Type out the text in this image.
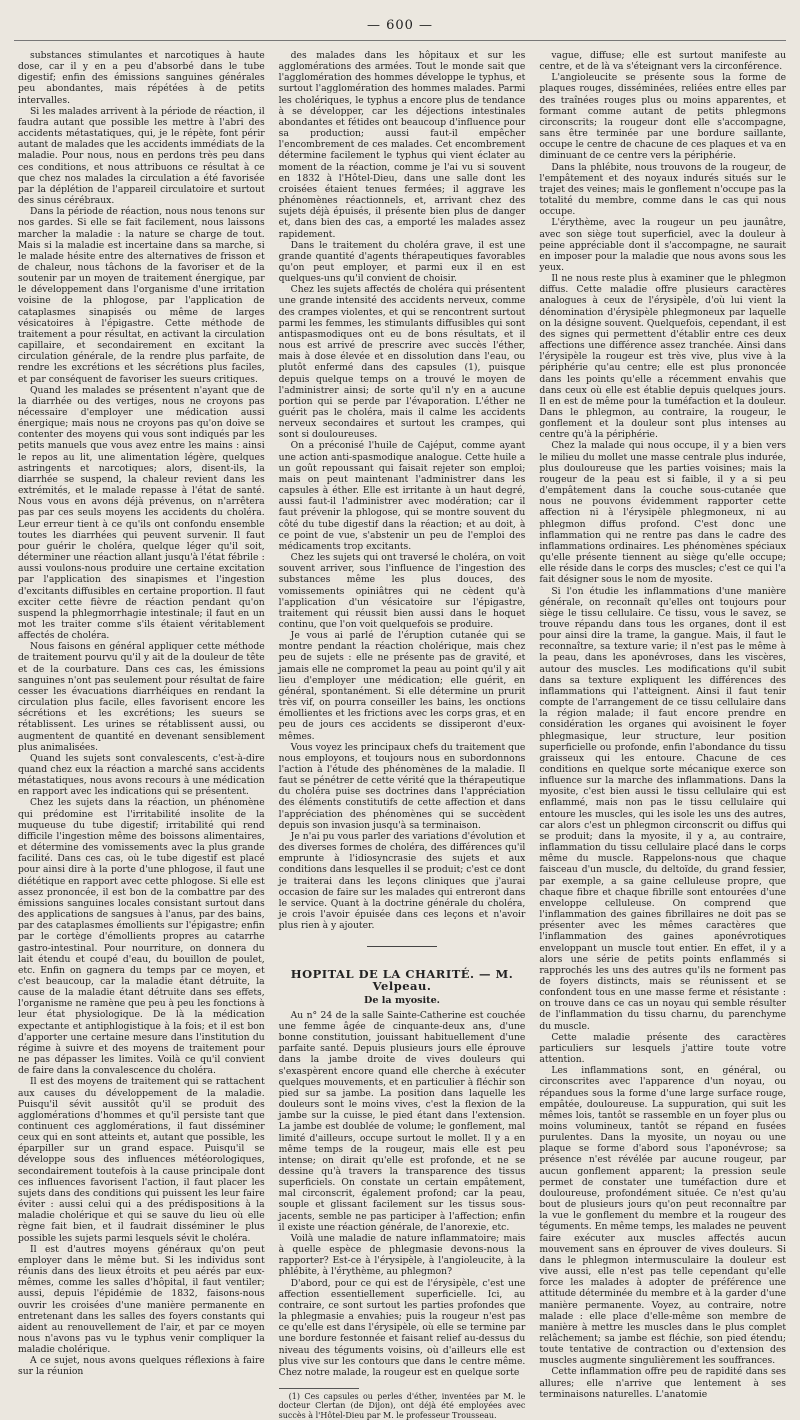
— 600 —

substances stimulantes et narcotiques à haute dose, car il y en a peu d'absorbé dans le tube digestif; enfin des émissions sanguines générales peu abondantes, mais répétées à de petits intervalles.

Si les malades arrivent à la période de réaction, il faudra autant que possible les mettre à l'abri des accidents métastatiques, qui, je le répète, font périr autant de malades que les accidents immédiats de la maladie. Pour nous, nous en perdons très peu dans ces conditions, et nous attribuons ce résultat à ce que chez nos malades la circulation a été favorisée par la déplétion de l'appareil circulatoire et surtout des sinus cérébraux.

Dans la période de réaction, nous nous tenons sur nos gardes. Si elle se fait facilement, nous laissons marcher la maladie : la nature se charge de tout. Mais si la maladie est incertaine dans sa marche, si le malade hésite entre des alternatives de frisson et de chaleur, nous tâchons de la favoriser et de la soutenir par un moyen de traitement énergique, par le développement dans l'organisme d'une irritation voisine de la phlogose, par l'application de cataplasmes sinapisés ou même de larges vésicatoires à l'épigastre. Cette méthode de traitement a pour résultat, en activant la circulation capillaire, et secondairement en excitant la circulation générale, de la rendre plus parfaite, de rendre les excrétions et les sécrétions plus faciles, et par conséquent de favoriser les sueurs critiques.

Quand les malades se présentent n'ayant que de la diarrhée ou des vertiges, nous ne croyons pas nécessaire d'employer une médication aussi énergique; mais nous ne croyons pas qu'on doive se contenter des moyens qui vous sont indiqués par les petits manuels que vous avez entre les mains : ainsi le repos au lit, une alimentation légère, quelques astringents et narcotiques; alors, disent-ils, la diarrhée se suspend, la chaleur revient dans les extrémités, et le malade repasse à l'état de santé. Nous vous en avons déjà prévenus, on n'arrêtera pas par ces seuls moyens les accidents du choléra. Leur erreur tient à ce qu'ils ont confondu ensemble toutes les diarrhées qui peuvent survenir. Il faut pour guérir le choléra, quelque léger qu'il soit, déterminer une réaction allant jusqu'à l'état fébrile : aussi voulons-nous produire une certaine excitation par l'application des sinapismes et l'ingestion d'excitants diffusibles en certaine proportion. Il faut exciter cette fièvre de réaction pendant qu'on suspend la phlegmorrhagie intestinale; il faut en un mot les traiter comme s'ils étaient véritablement affectés de choléra.

Nous faisons en général appliquer cette méthode de traitement pourvu qu'il y ait de la douleur de tête et de la courbature. Dans ces cas, les émissions sanguines n'ont pas seulement pour résultat de faire cesser les évacuations diarrhéiques en rendant la circulation plus facile, elles favorisent encore les sécrétions et les excrétions; les sueurs se rétablissent. Les urines se rétablissent aussi, ou augmentent de quantité en devenant sensiblement plus animalisées.

Quand les sujets sont convalescents, c'est-à-dire quand chez eux la réaction a marché sans accidents métastatiques, nous avons recours à une médication en rapport avec les indications qui se présentent.

Chez les sujets dans la réaction, un phénomène qui prédomine est l'irritabilité insolite de la muqueuse du tube digestif; irritabilité qui rend difficile l'ingestion même des boissons alimentaires, et détermine des vomissements avec la plus grande facilité. Dans ces cas, où le tube digestif est placé pour ainsi dire à la porte d'une phlogose, il faut une diététique en rapport avec cette phlogose. Si elle est assez prononcée, il est bon de la combattre par des émissions sanguines locales consistant surtout dans des applications de sangsues à l'anus, par des bains, par des cataplasmes émollients sur l'épigastre; enfin par le cortège d'émollients propres au catarrhe gastro-intestinal. Pour nourriture, on donnera du lait étendu et coupé d'eau, du bouillon de poulet, etc. Enfin on gagnera du temps par ce moyen, et c'est beaucoup, car la maladie étant détruite, la cause de la maladie étant détruite dans ses effets, l'organisme ne ramène que peu à peu les fonctions à leur état physiologique. De là la médication expectante et antiphlogistique à la fois; et il est bon d'apporter une certaine mesure dans l'institution du régime à suivre et des moyens de traitement pour ne pas dépasser les limites. Voilà ce qu'il convient de faire dans la convalescence du choléra.

Il est des moyens de traitement qui se rattachent aux causes du développement de la maladie. Puisqu'il sévit aussitôt qu'il se produit des agglomérations d'hommes et qu'il persiste tant que continuent ces agglomérations, il faut disséminer ceux qui en sont atteints et, autant que possible, les éparpiller sur un grand espace. Puisqu'il se développe sous des influences météorologiques, secondairement toutefois à la cause principale dont ces influences favorisent l'action, il faut placer les sujets dans des conditions qui puissent les leur faire éviter : aussi celui qui a des prédispositions à la maladie cholérique et qui se sauve du lieu où elle règne fait bien, et il faudrait disséminer le plus possible les sujets parmi lesquels sévit le choléra.

Il est d'autres moyens généraux qu'on peut employer dans le même but. Si les individus sont réunis dans des lieux étroits et peu aérés par eux-mêmes, comme les salles d'hôpital, il faut ventiler; aussi, depuis l'épidémie de 1832, faisons-nous ouvrir les croisées d'une manière permanente en entretenant dans les salles des foyers constants qui aident au renouvellement de l'air, et par ce moyen nous n'avons pas vu le typhus venir compliquer la maladie cholérique.

A ce sujet, nous avons quelques réflexions à faire sur la réunion

des malades dans les hôpitaux et sur les agglomérations des armées. Tout le monde sait que l'agglomération des hommes développe le typhus, et surtout l'agglomération des hommes malades. Parmi les cholériques, le typhus a encore plus de tendance à se développer, car les déjections intestinales abondantes et fétides ont beaucoup d'influence pour sa production; aussi faut-il empêcher l'encombrement de ces malades. Cet encombrement détermine facilement le typhus qui vient éclater au moment de la réaction, comme je l'ai vu si souvent en 1832 à l'Hôtel-Dieu, dans une salle dont les croisées étaient tenues fermées; il aggrave les phénomènes réactionnels, et, arrivant chez des sujets déjà épuisés, il présente bien plus de danger et, dans bien des cas, a emporté les malades assez rapidement.

Dans le traitement du choléra grave, il est une grande quantité d'agents thérapeutiques favorables qu'on peut employer, et parmi eux il en est quelques-uns qu'il convient de choisir.

Chez les sujets affectés de choléra qui présentent une grande intensité des accidents nerveux, comme des crampes violentes, et qui se rencontrent surtout parmi les femmes, les stimulants diffusibles qui sont antispasmodiques ont eu de bons résultats, et il nous est arrivé de prescrire avec succès l'éther, mais à dose élevée et en dissolution dans l'eau, ou plutôt enfermé dans des capsules (1), puisque depuis quelque temps on a trouvé le moyen de l'administrer ainsi; de sorte qu'il n'y en a aucune portion qui se perde par l'évaporation. L'éther ne guérit pas le choléra, mais il calme les accidents nerveux secondaires et surtout les crampes, qui sont si douloureuses.

On a préconisé l'huile de Cajéput, comme ayant une action anti-spasmodique analogue. Cette huile a un goût repoussant qui faisait rejeter son emploi; mais on peut maintenant l'administrer dans les capsules à éther. Elle est irritante à un haut degré, aussi faut-il l'administrer avec modération; car il faut prévenir la phlogose, qui se montre souvent du côté du tube digestif dans la réaction; et au doit, à ce point de vue, s'abstenir un peu de l'emploi des médicaments trop excitants.

Chez les sujets qui ont traversé le choléra, on voit souvent arriver, sous l'influence de l'ingestion des substances même les plus douces, des vomissements opiniâtres qui ne cèdent qu'à l'application d'un vésicatoire sur l'épigastre, traitement qui réussit bien aussi dans le hoquet continu, que l'on voit quelquefois se produire.

Je vous ai parlé de l'éruption cutanée qui se montre pendant la réaction cholérique, mais chez peu de sujets : elle ne présente pas de gravité, et jamais elle ne compromet la peau au point qu'il y ait lieu d'employer une médication; elle guérit, en général, spontanément. Si elle détermine un prurit très vif, on pourra conseiller les bains, les onctions émollientes et les frictions avec les corps gras, et en peu de jours ces accidents se dissiperont d'eux-mêmes.

Vous voyez les principaux chefs du traitement que nous employons, et toujours nous en subordonnons l'action à l'étude des phénomènes de la maladie. Il faut se pénétrer de cette vérité que la thérapeutique du choléra puise ses doctrines dans l'appréciation des éléments constitutifs de cette affection et dans l'appréciation des phénomènes qui se succèdent depuis son invasion jusqu'à sa terminaison.

Je n'ai pu vous parler des variations d'évolution et des diverses formes de choléra, des différences qu'il emprunte à l'idiosyncrasie des sujets et aux conditions dans lesquelles il se produit; c'est ce dont je traiterai dans les leçons cliniques que j'aurai occasion de faire sur les malades qui entreront dans le service. Quant à la doctrine générale du choléra, je crois l'avoir épuisée dans ces leçons et n'avoir plus rien à y ajouter.

HOPITAL DE LA CHARITÉ. — M. Velpeau.
De la myosite.

Au n° 24 de la salle Sainte-Catherine est couchée une femme âgée de cinquante-deux ans, d'une bonne constitution, jouissant habituellement d'une parfaite santé. Depuis plusieurs jours elle éprouve dans la jambe droite de vives douleurs qui s'exaspèrent encore quand elle cherche à exécuter quelques mouvements, et en particulier à fléchir son pied sur sa jambe. La position dans laquelle les douleurs sont le moins vives, c'est la flexion de la jambe sur la cuisse, le pied étant dans l'extension. La jambe est doublée de volume; le gonflement, mal limité d'ailleurs, occupe surtout le mollet. Il y a en même temps de la rougeur, mais elle est peu intense; on dirait qu'elle est profonde, et ne se dessine qu'à travers la transparence des tissus superficiels. On constate un certain empâtement, mal circonscrit, également profond; car la peau, souple et glissant facilement sur les tissus sous-jacents, semble ne pas participer à l'affection; enfin il existe une réaction générale, de l'anorexie, etc.

Voilà une maladie de nature inflammatoire; mais à quelle espèce de phlegmasie devons-nous la rapporter? Est-ce à l'érysipèle, à l'angioleucite, à la phlébite, à l'érythème, au phlegmon?

D'abord, pour ce qui est de l'érysipèle, c'est une affection essentiellement superficielle. Ici, au contraire, ce sont surtout les parties profondes que la phlegmasie a envahies; puis la rougeur n'est pas ce qu'elle est dans l'érysipèle, où elle se termine par une bordure festonnée et faisant relief au-dessus du niveau des téguments voisins, où d'ailleurs elle est plus vive sur les contours que dans le centre même. Chez notre malade, la rougeur est en quelque sorte

(1) Ces capsules ou perles d'éther, inventées par M. le docteur Clertan (de Dijon), ont déjà été employées avec succès à l'Hôtel-Dieu par M. le professeur Trousseau.

vague, diffuse; elle est surtout manifeste au centre, et de là va s'éteignant vers la circonférence.

L'angioleucite se présente sous la forme de plaques rouges, disséminées, reliées entre elles par des traînées rouges plus ou moins apparentes, et formant comme autant de petits phlegmons circonscrits; la rougeur dont elle s'accompagne, sans être terminée par une bordure saillante, occupe le centre de chacune de ces plaques et va en diminuant de ce centre vers la périphérie.

Dans la phlébite, nous trouvons de la rougeur, de l'empâtement et des noyaux indurés situés sur le trajet des veines; mais le gonflement n'occupe pas la totalité du membre, comme dans le cas qui nous occupe.

L'érythème, avec la rougeur un peu jaunâtre, avec son siège tout superficiel, avec la douleur à peine appréciable dont il s'accompagne, ne saurait en imposer pour la maladie que nous avons sous les yeux.

Il ne nous reste plus à examiner que le phlegmon diffus. Cette maladie offre plusieurs caractères analogues à ceux de l'érysipèle, d'où lui vient la dénomination d'érysipèle phlegmoneux par laquelle on la désigne souvent. Quelquefois, cependant, il est des signes qui permettent d'établir entre ces deux affections une différence assez tranchée. Ainsi dans l'érysipèle la rougeur est très vive, plus vive à la périphérie qu'au centre; elle est plus prononcée dans les points qu'elle a récemment envahis que dans ceux où elle est établie depuis quelques jours. Il en est de même pour la tuméfaction et la douleur. Dans le phlegmon, au contraire, la rougeur, le gonflement et la douleur sont plus intenses au centre qu'à la périphérie.

Chez la malade qui nous occupe, il y a bien vers le milieu du mollet une masse centrale plus indurée, plus douloureuse que les parties voisines; mais la rougeur de la peau est si faible, il y a si peu d'empâtement dans la couche sous-cutanée que nous ne pouvons évidemment rapporter cette affection ni à l'érysipèle phlegmoneux, ni au phlegmon diffus profond. C'est donc une inflammation qui ne rentre pas dans le cadre des inflammations ordinaires. Les phénomènes spéciaux qu'elle présente tiennent au siège qu'elle occupe; elle réside dans le corps des muscles; c'est ce qui l'a fait désigner sous le nom de myosite.

Si l'on étudie les inflammations d'une manière générale, on reconnaît qu'elles ont toujours pour siège le tissu cellulaire. Ce tissu, vous le savez, se trouve répandu dans tous les organes, dont il est pour ainsi dire la trame, la gangue. Mais, il faut le reconnaître, sa texture varie; il n'est pas le même à la peau, dans les aponévroses, dans les viscères, autour des muscles. Les modifications qu'il subit dans sa texture expliquent les différences des inflammations qui l'atteignent. Ainsi il faut tenir compte de l'arrangement de ce tissu cellulaire dans la région malade; il faut encore prendre en considération les organes qui avoisinent le foyer phlegmasique, leur structure, leur position superficielle ou profonde, enfin l'abondance du tissu graisseux qui les entoure. Chacune de ces conditions en quelque sorte mécanique exerce son influence sur la marche des inflammations. Dans la myosite, c'est bien aussi le tissu cellulaire qui est enflammé, mais non pas le tissu cellulaire qui entoure les muscles, qui les isole les uns des autres, car alors c'est un phlegmon circonscrit ou diffus qui se produit; dans la myosite, il y a, au contraire, inflammation du tissu cellulaire placé dans le corps même du muscle. Rappelons-nous que chaque faisceau d'un muscle, du deltoïde, du grand fessier, par exemple, a sa gaine celluleuse propre, que chaque fibre et chaque fibrille sont entourées d'une enveloppe celluleuse. On comprend que l'inflammation des gaines fibrillaires ne doit pas se présenter avec les mêmes caractères que l'inflammation des gaines aponévrotiques enveloppant un muscle tout entier. En effet, il y a alors une série de petits points enflammés si rapprochés les uns des autres qu'ils ne forment pas de foyers distincts, mais se réunissent et se confondent tous en une masse ferme et résistante : on trouve dans ce cas un noyau qui semble résulter de l'inflammation du tissu charnu, du parenchyme du muscle.

Cette maladie présente des caractères particuliers sur lesquels j'attire toute votre attention.

Les inflammations sont, en général, ou circonscrites avec l'apparence d'un noyau, ou répandues sous la forme d'une large surface rouge, empâtée, douloureuse. La suppuration, qui suit les mêmes lois, tantôt se rassemble en un foyer plus ou moins volumineux, tantôt se répand en fusées purulentes. Dans la myosite, un noyau ou une plaque se forme d'abord sous l'aponévrose; sa présence n'est révélée par aucune rougeur, par aucun gonflement apparent; la pression seule permet de constater une tuméfaction dure et douloureuse, profondément située. Ce n'est qu'au bout de plusieurs jours qu'on peut reconnaître par la vue le gonflement du membre et la rougeur des téguments. En même temps, les malades ne peuvent faire exécuter aux muscles affectés aucun mouvement sans en éprouver de vives douleurs. Si dans le phlegmon intermusculaire la douleur est vive aussi, elle n'est pas telle cependant qu'elle force les malades à adopter de préférence une attitude déterminée du membre et à la garder d'une manière permanente. Voyez, au contraire, notre malade : elle place d'elle-même son membre de manière à mettre les muscles dans le plus complet relâchement; sa jambe est fléchie, son pied étendu; toute tentative de contraction ou d'extension des muscles augmente singulièrement les souffrances.

Cette inflammation offre peu de rapidité dans ses allures; elle n'arrive que lentement à ses terminaisons naturelles. L'anatomie
